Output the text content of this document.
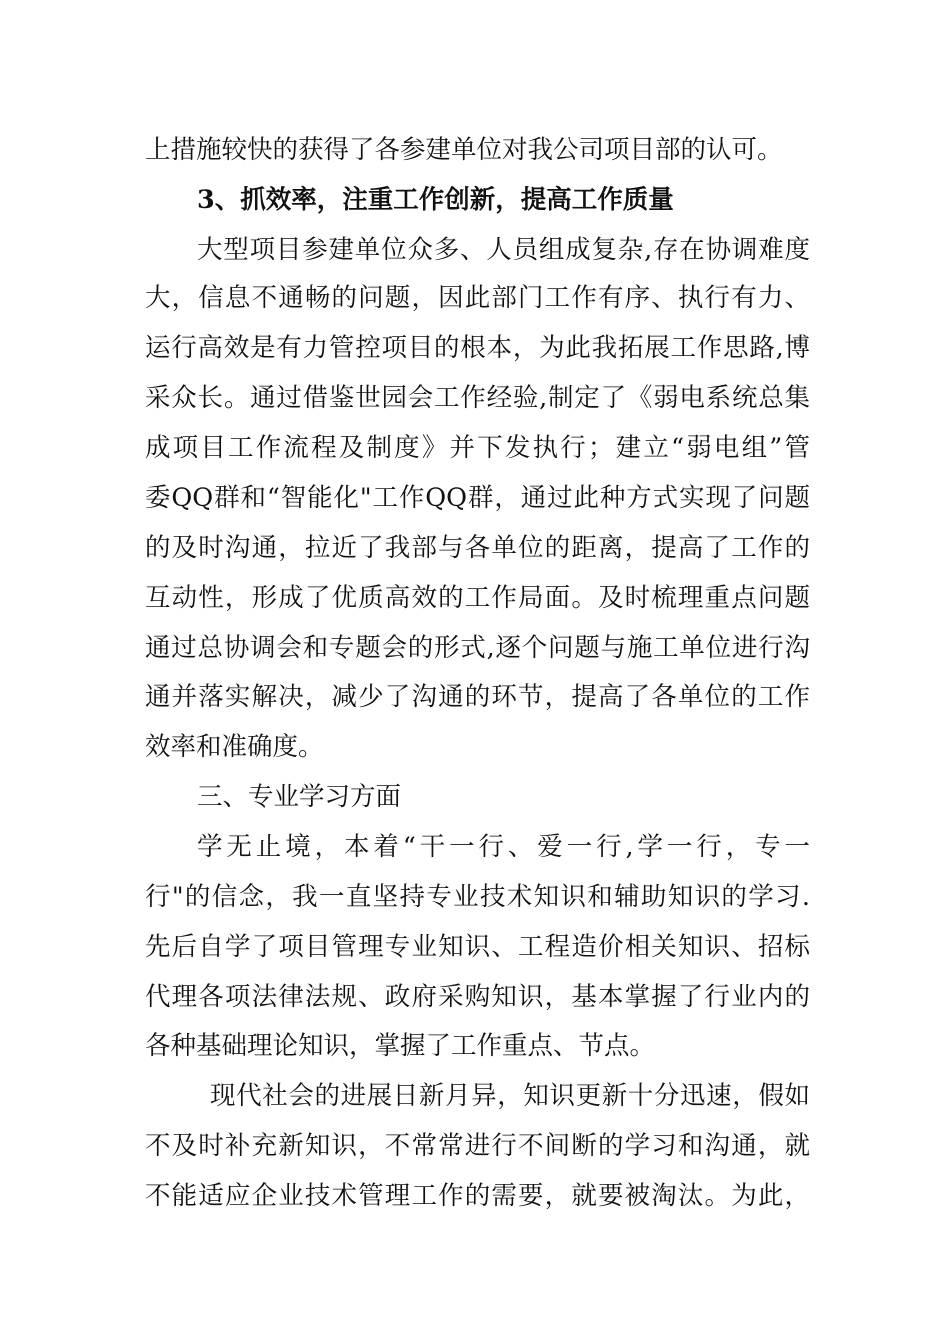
上措施较快的获得了各参建单位对我公司项目部的认可。
3、抓效率，注重工作创新，提高工作质量
大型项目参建单位众多、人员组成复杂,存在协调难度
大，信息不通畅的问题，因此部门工作有序、执行有力、
运行高效是有力管控项目的根本，为此我拓展工作思路,博
采众长。通过借鉴世园会工作经验,制定了《弱电系统总集
成项目工作流程及制度》并下发执行；建立“弱电组”管
委QQ群和“智能化"工作QQ群，通过此种方式实现了问题
的及时沟通，拉近了我部与各单位的距离，提高了工作的
互动性，形成了优质高效的工作局面。及时梳理重点问题
通过总协调会和专题会的形式,逐个问题与施工单位进行沟
通并落实解决，减少了沟通的环节，提高了各单位的工作
效率和准确度。
三、专业学习方面
学无止境，本着“干一行、爱一行,学一行，专一
行"的信念，我一直坚持专业技术知识和辅助知识的学习.
先后自学了项目管理专业知识、工程造价相关知识、招标
代理各项法律法规、政府采购知识，基本掌握了行业内的
各种基础理论知识，掌握了工作重点、节点。
现代社会的进展日新月异，知识更新十分迅速，假如
不及时补充新知识，不常常进行不间断的学习和沟通，就
不能适应企业技术管理工作的需要，就要被淘汰。为此，
